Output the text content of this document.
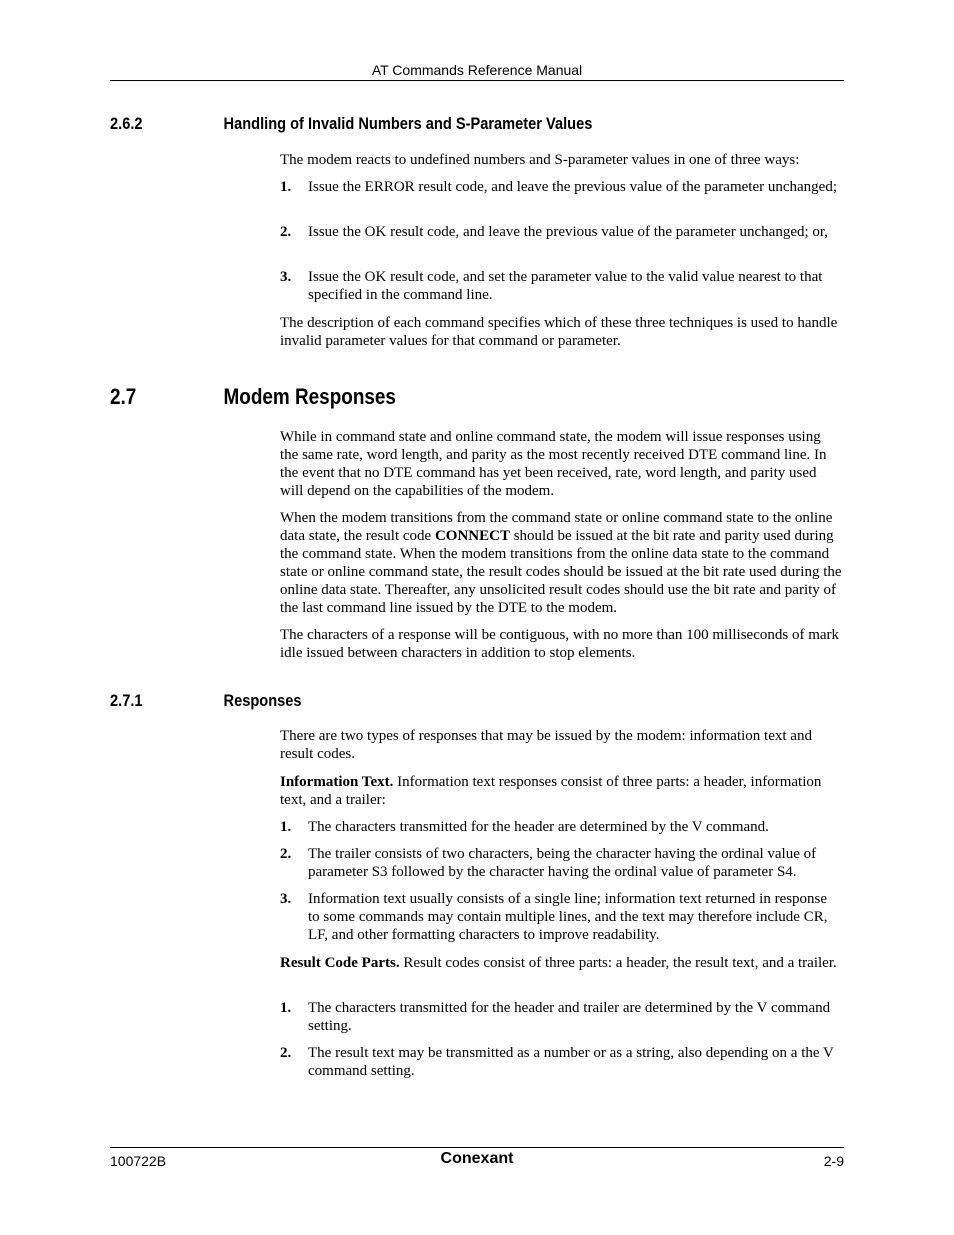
AT Commands Reference Manual
2.6.2	Handling of Invalid Numbers and S-Parameter Values

The modem reacts to undefined numbers and S-parameter values in one of three ways:

1. Issue the ERROR result code, and leave the previous value of the parameter unchanged;
2. Issue the OK result code, and leave the previous value of the parameter unchanged; or,
3. Issue the OK result code, and set the parameter value to the valid value nearest to that specified in the command line.

The description of each command specifies which of these three techniques is used to handle invalid parameter values for that command or parameter.

2.7	Modem Responses

While in command state and online command state, the modem will issue responses using the same rate, word length, and parity as the most recently received DTE command line. In the event that no DTE command has yet been received, rate, word length, and parity used will depend on the capabilities of the modem.

When the modem transitions from the command state or online command state to the online data state, the result code CONNECT should be issued at the bit rate and parity used during the command state. When the modem transitions from the online data state to the command state or online command state, the result codes should be issued at the bit rate used during the online data state. Thereafter, any unsolicited result codes should use the bit rate and parity of the last command line issued by the DTE to the modem.

The characters of a response will be contiguous, with no more than 100 milliseconds of mark idle issued between characters in addition to stop elements.

2.7.1	Responses

There are two types of responses that may be issued by the modem: information text and result codes.

Information Text. Information text responses consist of three parts: a header, information text, and a trailer:

1. The characters transmitted for the header are determined by the V command.
2. The trailer consists of two characters, being the character having the ordinal value of parameter S3 followed by the character having the ordinal value of parameter S4.
3. Information text usually consists of a single line; information text returned in response to some commands may contain multiple lines, and the text may therefore include CR, LF, and other formatting characters to improve readability.

Result Code Parts. Result codes consist of three parts: a header, the result text, and a trailer.

1. The characters transmitted for the header and trailer are determined by the V command setting.
2. The result text may be transmitted as a number or as a string, also depending on a the V command setting.
100722B	Conexant	2-9
